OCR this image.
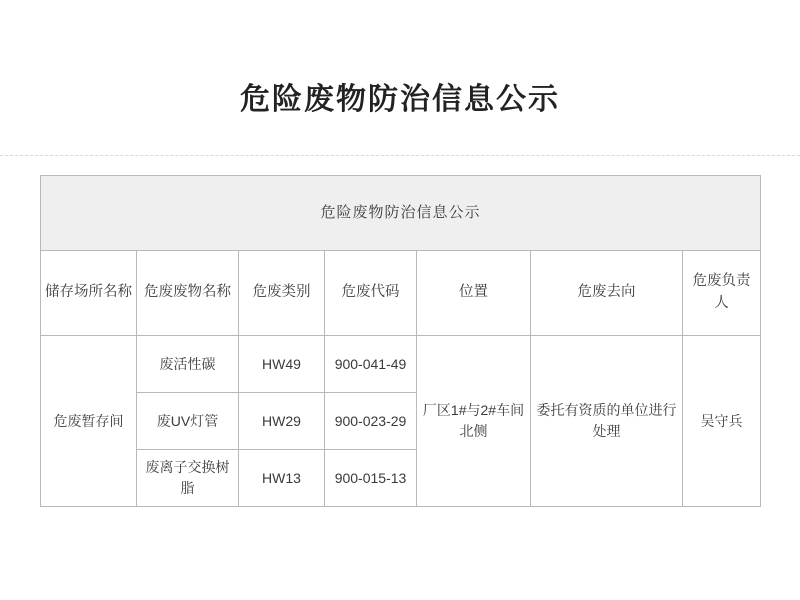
危险废物防治信息公示
危险废物防治信息公示						
储存场所名称	危废废物名称	危废类别	危废代码	位置	危废去向	危废负责人
危废暂存间	废活性碳	HW49	900-041-49	厂区1#与2#车间北侧	委托有资质的单位进行处理	吴守兵
	废UV灯管	HW29	900-023-29			
	废离子交换树脂	HW13	900-015-13			
